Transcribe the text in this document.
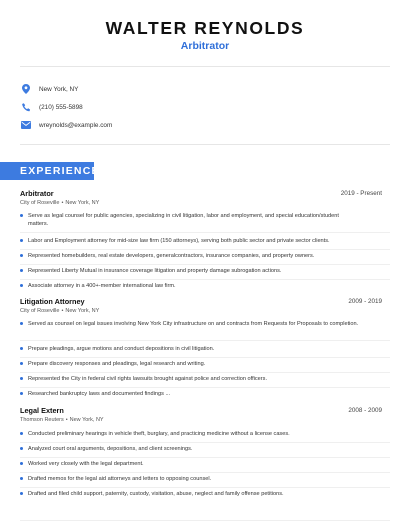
WALTER REYNOLDS
Arbitrator
New York, NY
(210) 555-5898
wreynolds@example.com
EXPERIENCE
Arbitrator	2019 - Present
City of Roseville • New York, NY
Serve as legal counsel for public agencies, specializing in civil litigation, labor and employment, and special education/student matters.
Labor and Employment attorney for mid-size law firm (150 attorneys), serving both public sector and private sector clients.
Represented homebuilders, real estate developers, generalcontractors, insurance companies, and property owners.
Represented Liberty Mutual in insurance coverage litigation and property damage subrogation actions.
Associate attorney in a 400+-member international law firm.
Litigation Attorney	2009 - 2019
City of Roseville • New York, NY
Served as counsel on legal issues involving New York City infrastructure on and contracts from Requests for Proposals to completion.
Prepare pleadings, argue motions and conduct depositions in civil litigation.
Prepare discovery responses and pleadings, legal research and writing.
Represented the City in federal civil rights lawsuits brought against police and correction officers.
Researched bankruptcy laws and documented findings ...
Legal Extern	2008 - 2009
Thomson Reuters • New York, NY
Conducted preliminary hearings in vehicle theft, burglary, and practicing medicine without a license cases.
Analyzed court oral arguments, depositions, and client screenings.
Worked very closely with the legal department.
Drafted memos for the legal aid attorneys and letters to opposing counsel.
Drafted and filed child support, paternity, custody, visitation, abuse, neglect and family offense petitions.
